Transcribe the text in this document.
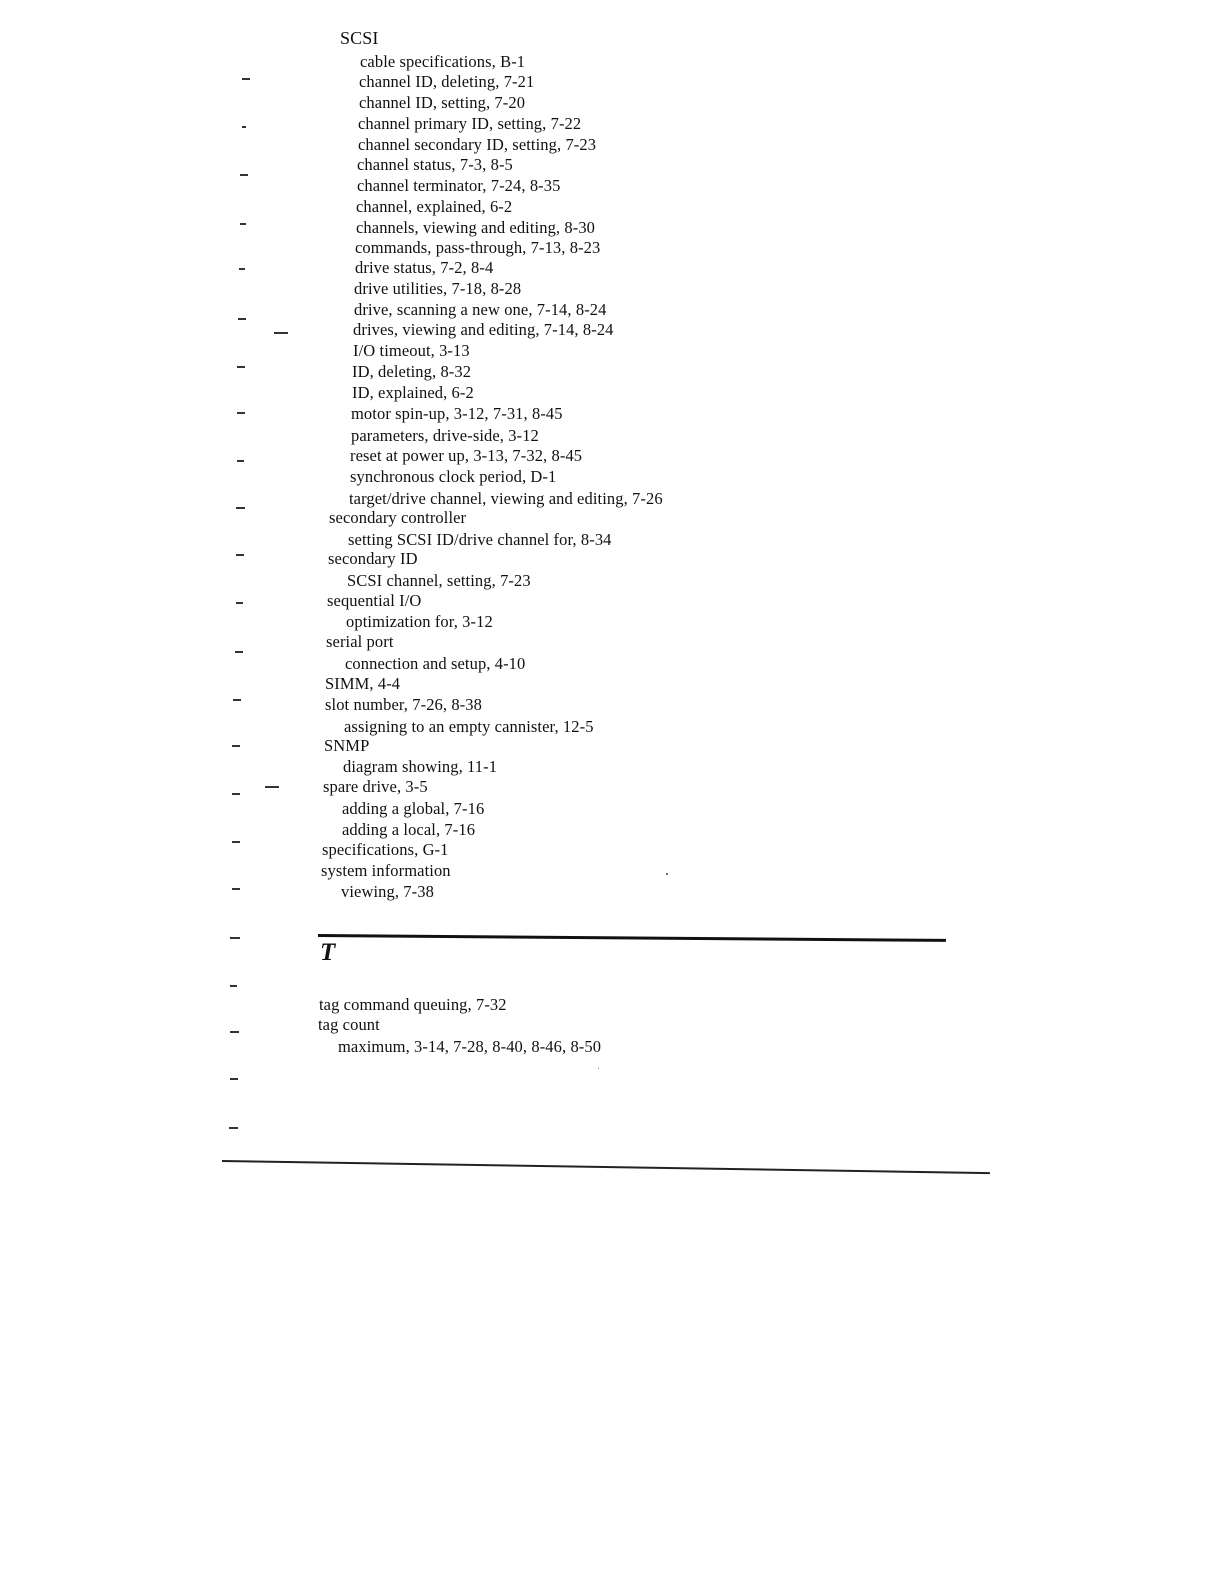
SCSI
cable specifications, B-1
channel ID, deleting, 7-21
channel ID, setting, 7-20
channel primary ID, setting, 7-22
channel secondary ID, setting, 7-23
channel status, 7-3, 8-5
channel terminator, 7-24, 8-35
channel, explained, 6-2
channels, viewing and editing, 8-30
commands, pass-through, 7-13, 8-23
drive status, 7-2, 8-4
drive utilities, 7-18, 8-28
drive, scanning a new one, 7-14, 8-24
drives, viewing and editing, 7-14, 8-24
I/O timeout, 3-13
ID, deleting, 8-32
ID, explained, 6-2
motor spin-up, 3-12, 7-31, 8-45
parameters, drive-side, 3-12
reset at power up, 3-13, 7-32, 8-45
synchronous clock period, D-1
target/drive channel, viewing and editing, 7-26
secondary controller
setting SCSI ID/drive channel for, 8-34
secondary ID
SCSI channel, setting, 7-23
sequential I/O
optimization for, 3-12
serial port
connection and setup, 4-10
SIMM, 4-4
slot number, 7-26, 8-38
assigning to an empty cannister, 12-5
SNMP
diagram showing, 11-1
spare drive, 3-5
adding a global, 7-16
adding a local, 7-16
specifications, G-1
system information
viewing, 7-38
T
tag command queuing, 7-32
tag count
maximum, 3-14, 7-28, 8-40, 8-46, 8-50
